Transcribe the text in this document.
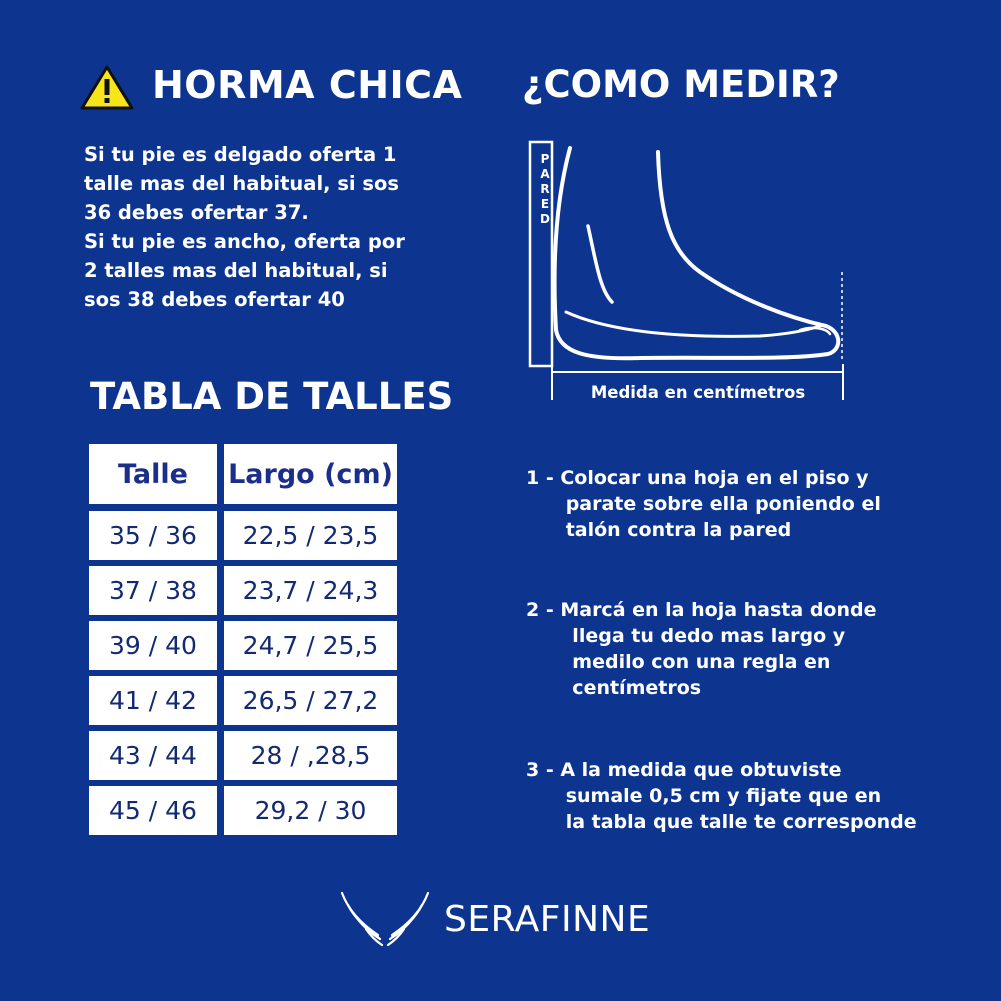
HORMA CHICA

Si tu pie es delgado oferta 1

talle mas del habitual, si sos

36 debes ofertar 37.

Si tu pie es ancho, oferta por

2 talles mas del habitual, si

sos 38 debes ofertar 40

TABLA DE TALLES
Talle	Largo (cm)
35 / 36	22,5 / 23,5
37 / 38	23,7 / 24,3
39 / 40	24,7 / 25,5
41 / 42	26,5 / 27,2
43 / 44	28 / ,28,5
45 / 46	29,2 / 30
¿COMO MEDIR?
P
A
R
E
D
Medida en centímetros
1 - Colocar una hoja en el piso y
parate sobre ella poniendo el
talón contra la pared
2 - Marcá en la hoja hasta donde
llega tu dedo mas largo y
medilo con una regla en
centímetros
3 - A la medida que obtuviste
sumale 0,5 cm y fijate que en
la tabla que talle te corresponde
SERAFINNE
